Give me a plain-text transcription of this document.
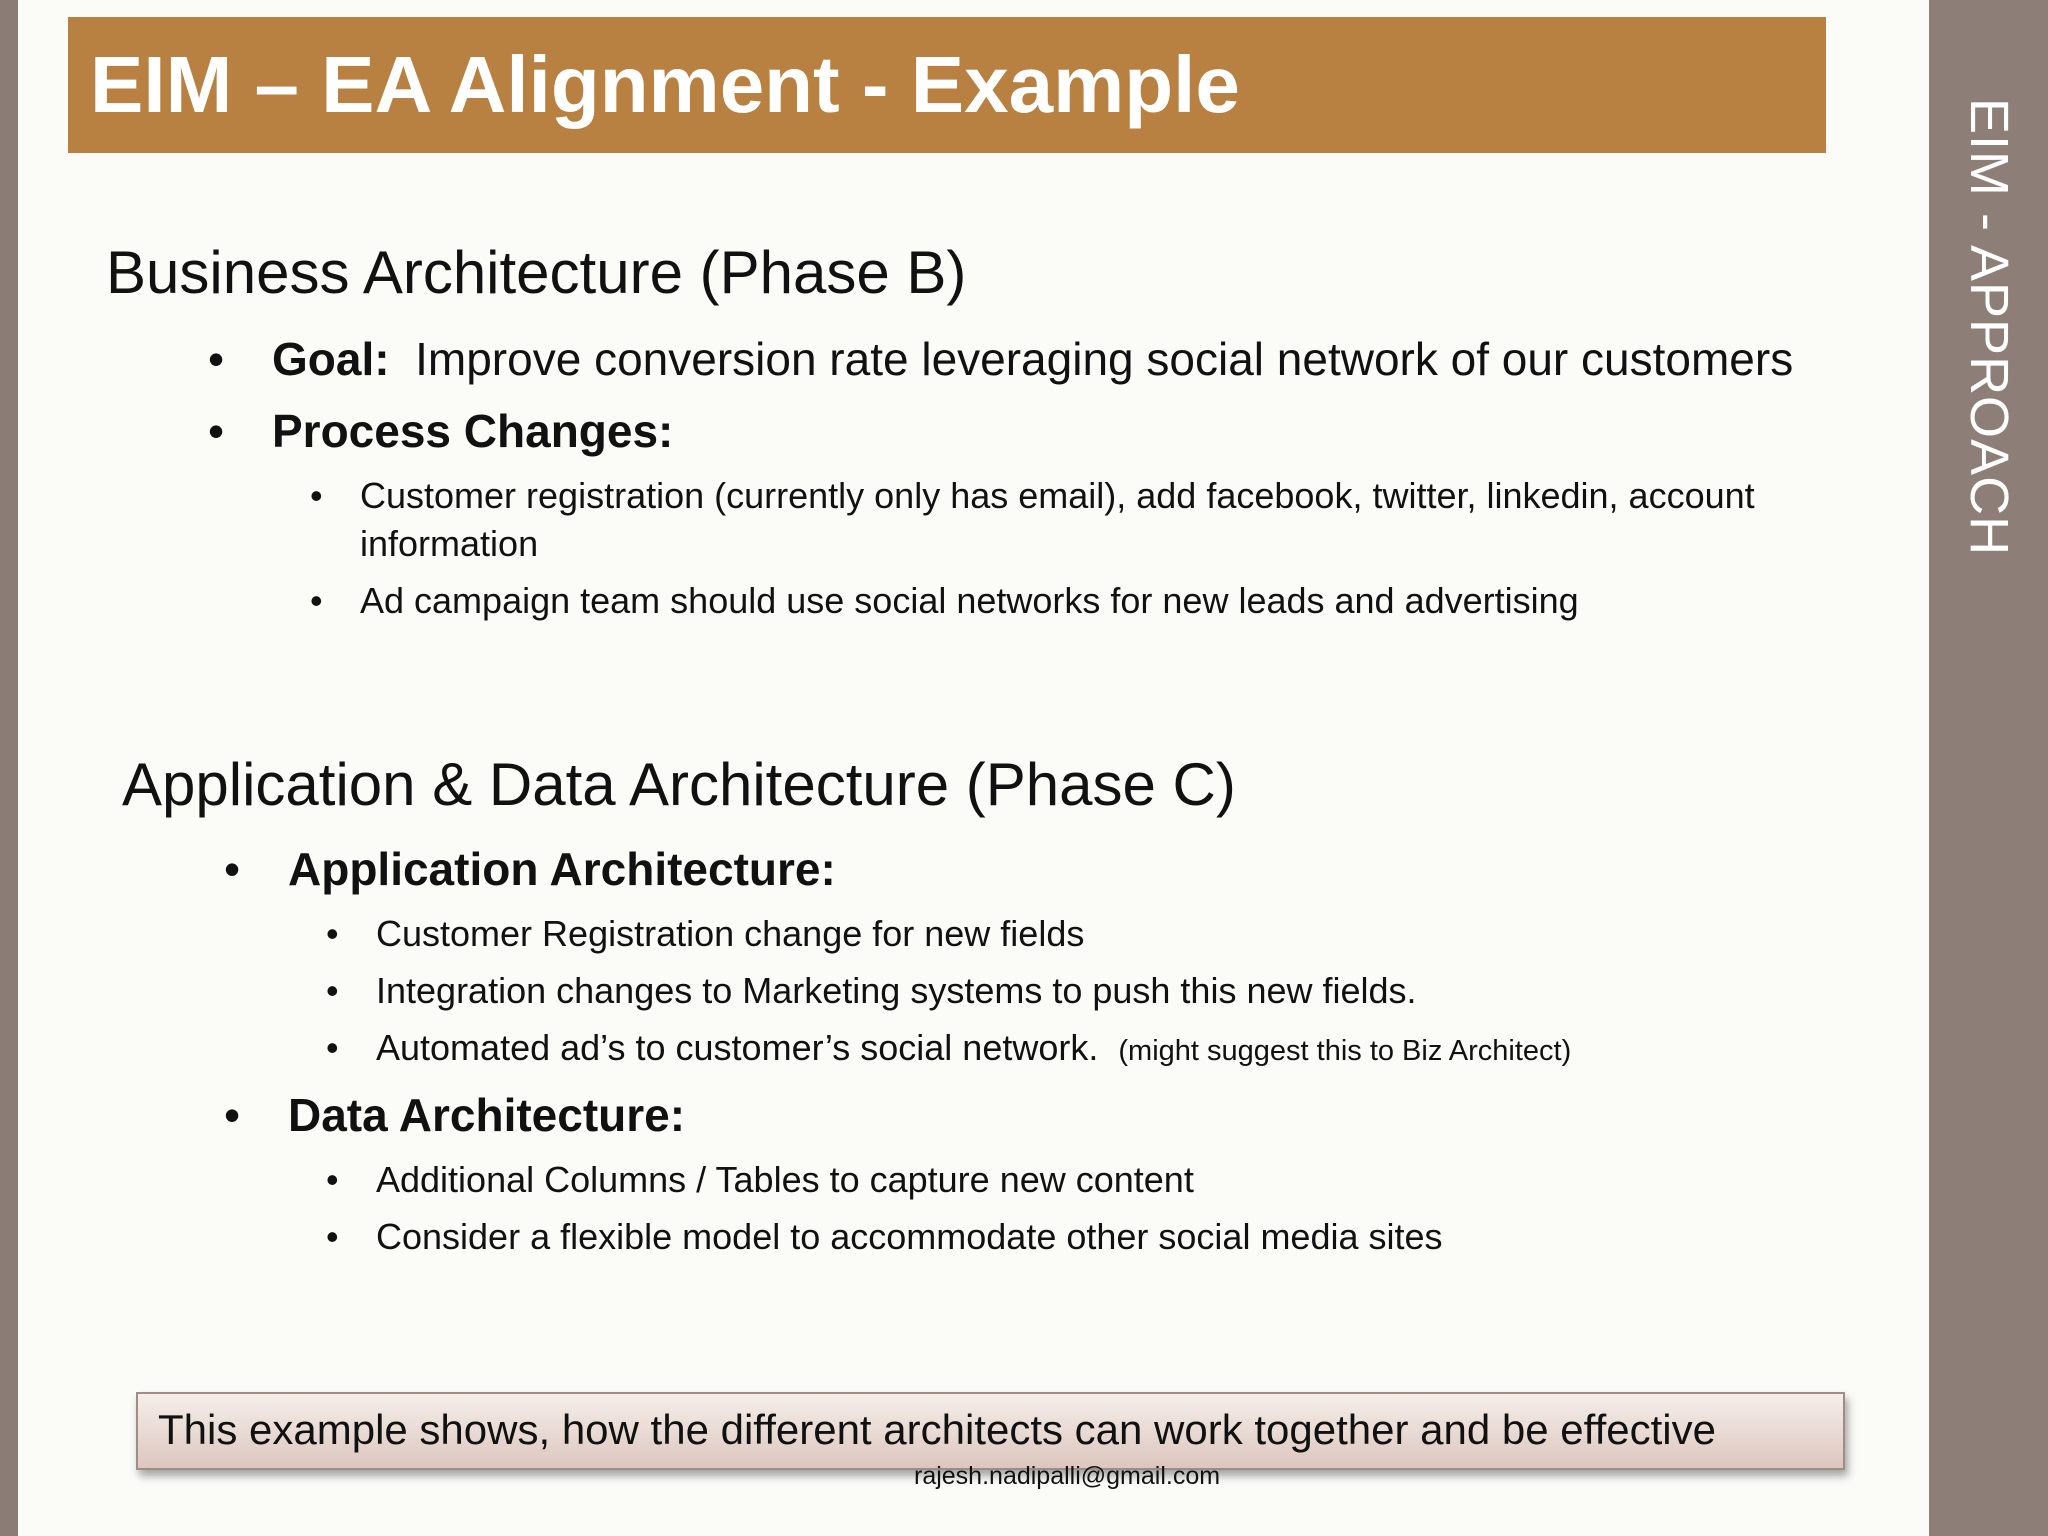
EIM - APPROACH
EIM – EA Alignment - Example
Business Architecture (Phase B)
• Goal: Improve conversion rate leveraging social network of our customers
• Process Changes:
• Customer registration (currently only has email), add facebook, twitter, linkedin, account
information
• Ad campaign team should use social networks for new leads and advertising
Application & Data Architecture (Phase C)
• Application Architecture:
• Customer Registration change for new fields
• Integration changes to Marketing systems to push this new fields.
• Automated ad’s to customer’s social network. (might suggest this to Biz Architect)
• Data Architecture:
• Additional Columns / Tables to capture new content
• Consider a flexible model to accommodate other social media sites
This example shows, how the different architects can work together and be effective
rajesh.nadipalli@gmail.com
